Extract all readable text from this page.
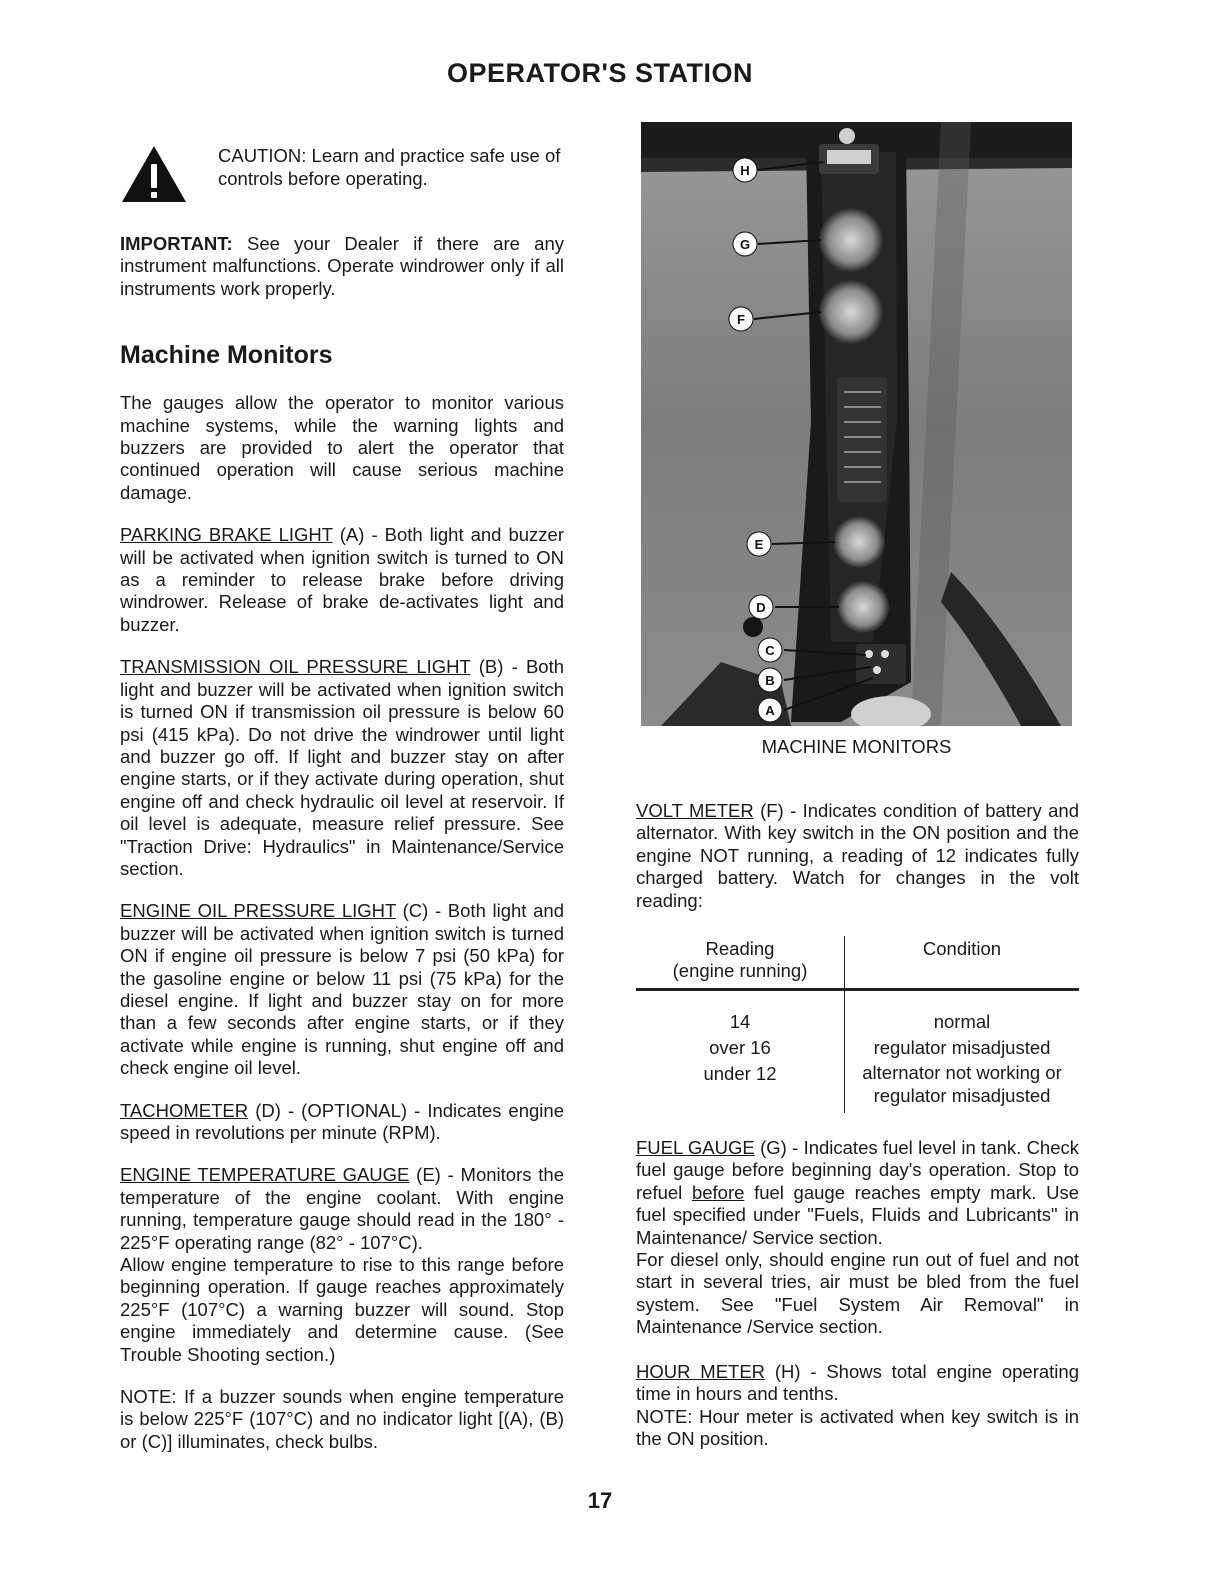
OPERATOR'S STATION
CAUTION: Learn and practice safe use of controls before operating.

IMPORTANT: See your Dealer if there are any instrument malfunctions. Operate windrower only if all instruments work properly.

Machine Monitors

The gauges allow the operator to monitor various machine systems, while the warning lights and buzzers are provided to alert the operator that continued operation will cause serious machine damage.

PARKING BRAKE LIGHT (A) - Both light and buzzer will be activated when ignition switch is turned to ON as a reminder to release brake before driving windrower. Release of brake de-activates light and buzzer.

TRANSMISSION OIL PRESSURE LIGHT (B) - Both light and buzzer will be activated when ignition switch is turned ON if transmission oil pressure is below 60 psi (415 kPa). Do not drive the windrower until light and buzzer go off. If light and buzzer stay on after engine starts, or if they activate during operation, shut engine off and check hydraulic oil level at reservoir. If oil level is adequate, measure relief pressure. See "Traction Drive: Hydraulics" in Maintenance/Service section.

ENGINE OIL PRESSURE LIGHT (C) - Both light and buzzer will be activated when ignition switch is turned ON if engine oil pressure is below 7 psi (50 kPa) for the gasoline engine or below 11 psi (75 kPa) for the diesel engine. If light and buzzer stay on for more than a few seconds after engine starts, or if they activate while engine is running, shut engine off and check engine oil level.

TACHOMETER (D) - (OPTIONAL) - Indicates engine speed in revolutions per minute (RPM).

ENGINE TEMPERATURE GAUGE (E) - Monitors the temperature of the engine coolant. With engine running, temperature gauge should read in the 180° - 225°F operating range (82° - 107°C).

Allow engine temperature to rise to this range before beginning operation. If gauge reaches approximately 225°F (107°C) a warning buzzer will sound. Stop engine immediately and determine cause. (See Trouble Shooting section.)

NOTE: If a buzzer sounds when engine temperature is below 225°F (107°C) and no indicator light [(A), (B) or (C)] illuminates, check bulbs.

H
G
F
E
D
C
B
A

MACHINE MONITORS

VOLT METER (F) - Indicates condition of battery and alternator. With key switch in the ON position and the engine NOT running, a reading of 12 indicates fully charged battery. Watch for changes in the volt reading:

Reading
(engine running)	Condition
14	normal
over 16	regulator misadjusted
under 12	alternator not working or regulator misadjusted

FUEL GAUGE (G) - Indicates fuel level in tank. Check fuel gauge before beginning day's operation. Stop to refuel before fuel gauge reaches empty mark. Use fuel specified under "Fuels, Fluids and Lubricants" in Maintenance/ Service section.

For diesel only, should engine run out of fuel and not start in several tries, air must be bled from the fuel system. See "Fuel System Air Removal" in Maintenance /Service section.

HOUR METER (H) - Shows total engine operating time in hours and tenths.

NOTE: Hour meter is activated when key switch is in the ON position.

17
